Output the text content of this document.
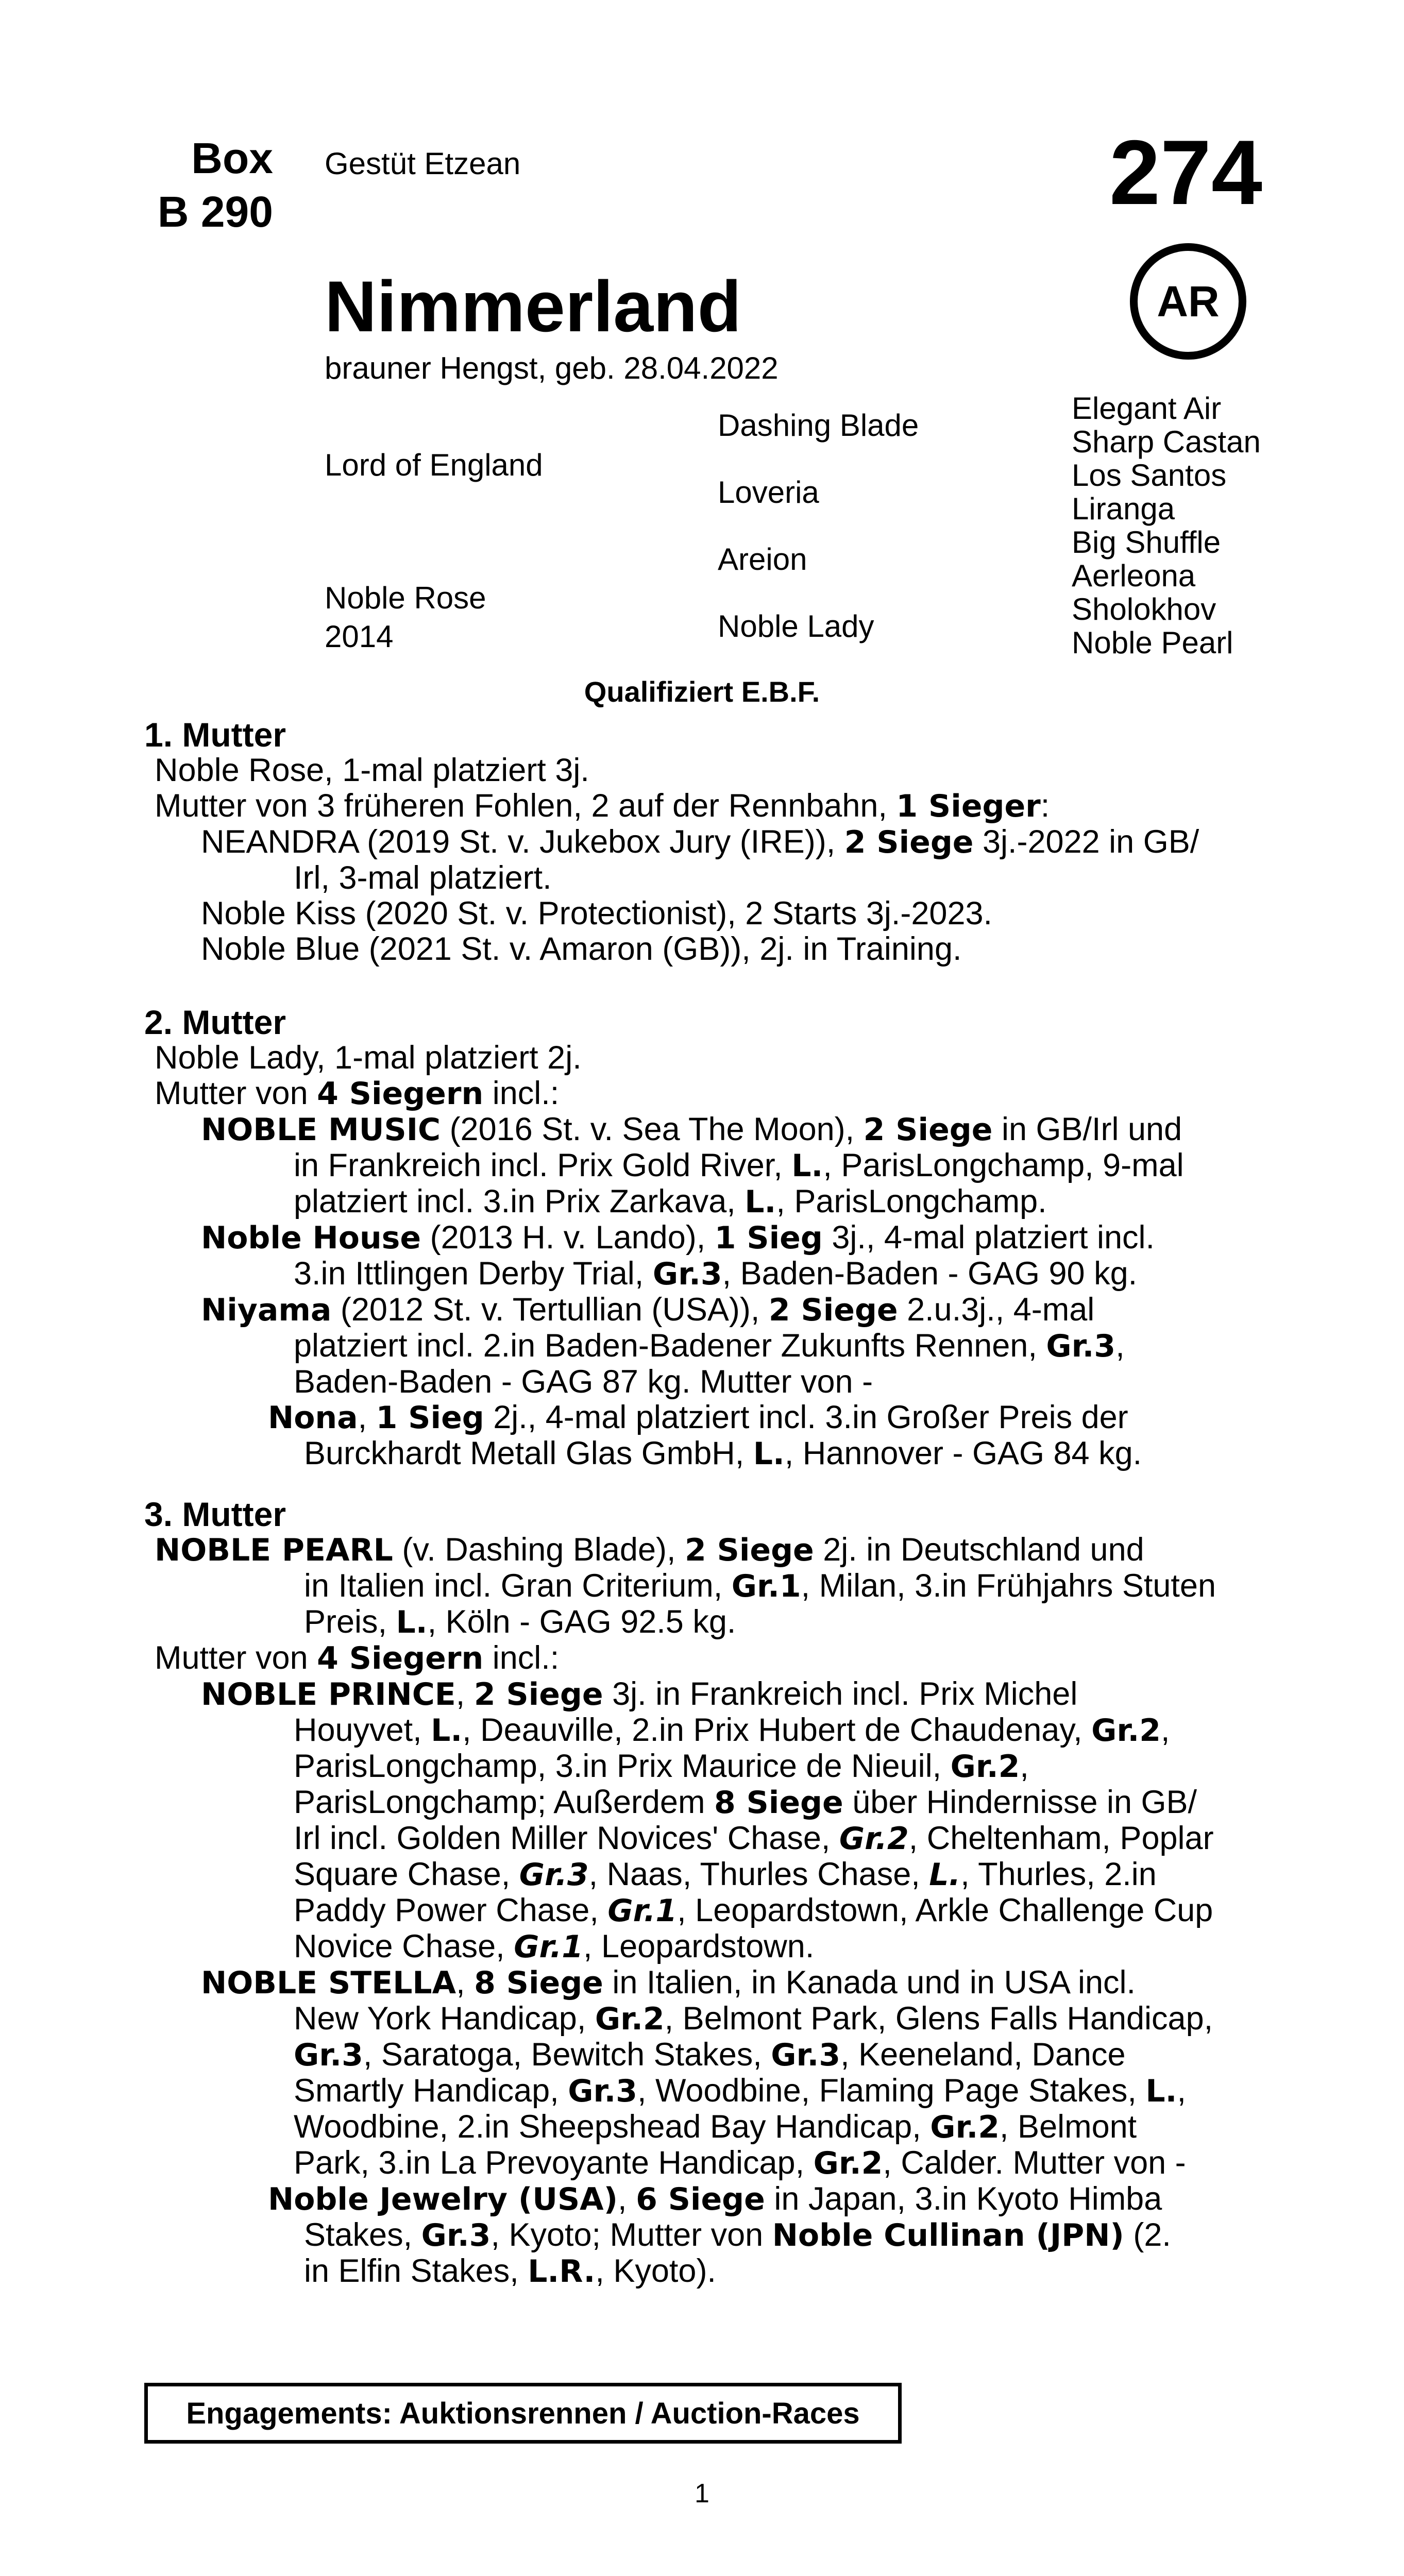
Box
B 290
Gestüt Etzean	274
Nimmerland
brauner Hengst, geb. 28.04.2022
AR
Lord of England
Noble Rose
2014
Dashing Blade
Loveria
Areion
Noble Lady
Elegant Air
Sharp Castan
Los Santos
Liranga
Big Shuffle
Aerleona
Sholokhov
Noble Pearl
Qualifiziert E.B.F.
1. Mutter
Noble Rose, 1-mal platziert 3j.
Mutter von 3 früheren Fohlen, 2 auf der Rennbahn, 1 Sieger:
NEANDRA (2019 St. v. Jukebox Jury (IRE)), 2 Siege 3j.-2022 in GB/
Irl, 3-mal platziert.
Noble Kiss (2020 St. v. Protectionist), 2 Starts 3j.-2023.
Noble Blue (2021 St. v. Amaron (GB)), 2j. in Training.
2. Mutter
Noble Lady, 1-mal platziert 2j.
Mutter von 4 Siegern incl.:
NOBLE MUSIC (2016 St. v. Sea The Moon), 2 Siege in GB/Irl und
in Frankreich incl. Prix Gold River, L., ParisLongchamp, 9-mal
platziert incl. 3.in Prix Zarkava, L., ParisLongchamp.
Noble House (2013 H. v. Lando), 1 Sieg 3j., 4-mal platziert incl.
3.in Ittlingen Derby Trial, Gr.3, Baden-Baden - GAG 90 kg.
Niyama (2012 St. v. Tertullian (USA)), 2 Siege 2.u.3j., 4-mal
platziert incl. 2.in Baden-Badener Zukunfts Rennen, Gr.3,
Baden-Baden - GAG 87 kg. Mutter von -
Nona, 1 Sieg 2j., 4-mal platziert incl. 3.in Großer Preis der
Burckhardt Metall Glas GmbH, L., Hannover - GAG 84 kg.
3. Mutter
NOBLE PEARL (v. Dashing Blade), 2 Siege 2j. in Deutschland und
in Italien incl. Gran Criterium, Gr.1, Milan, 3.in Frühjahrs Stuten
Preis, L., Köln - GAG 92.5 kg.
Mutter von 4 Siegern incl.:
NOBLE PRINCE, 2 Siege 3j. in Frankreich incl. Prix Michel
Houyvet, L., Deauville, 2.in Prix Hubert de Chaudenay, Gr.2,
ParisLongchamp, 3.in Prix Maurice de Nieuil, Gr.2,
ParisLongchamp; Außerdem 8 Siege über Hindernisse in GB/
Irl incl. Golden Miller Novices' Chase, Gr.2, Cheltenham, Poplar
Square Chase, Gr.3, Naas, Thurles Chase, L., Thurles, 2.in
Paddy Power Chase, Gr.1, Leopardstown, Arkle Challenge Cup
Novice Chase, Gr.1, Leopardstown.
NOBLE STELLA, 8 Siege in Italien, in Kanada und in USA incl.
New York Handicap, Gr.2, Belmont Park, Glens Falls Handicap,
Gr.3, Saratoga, Bewitch Stakes, Gr.3, Keeneland, Dance
Smartly Handicap, Gr.3, Woodbine, Flaming Page Stakes, L.,
Woodbine, 2.in Sheepshead Bay Handicap, Gr.2, Belmont
Park, 3.in La Prevoyante Handicap, Gr.2, Calder. Mutter von -
Noble Jewelry (USA), 6 Siege in Japan, 3.in Kyoto Himba
Stakes, Gr.3, Kyoto; Mutter von Noble Cullinan (JPN) (2.
in Elfin Stakes, L.R., Kyoto).
Engagements: Auktionsrennen / Auction-Races
1
